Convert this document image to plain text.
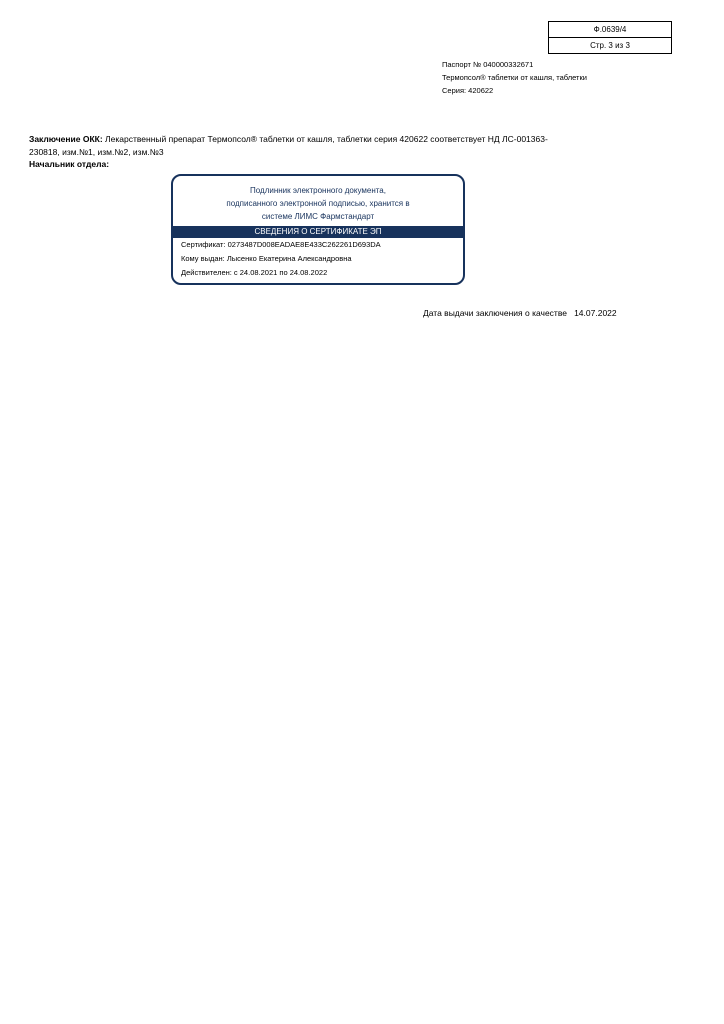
Ф.0639/4
Стр. 3 из 3
Паспорт № 040000332671
Термопсол® таблетки от кашля, таблетки
Серия: 420622
Заключение ОКК: Лекарственный препарат Термопсол® таблетки от кашля, таблетки серия 420622 соответствует НД ЛС-001363-230818, изм.№1, изм.№2, изм.№3
Начальник отдела:
Подлинник электронного документа,
подписанного электронной подписью, хранится в
системе ЛИМС Фармстандарт
СВЕДЕНИЯ О СЕРТИФИКАТЕ ЭП
Сертификат: 0273487D008EADAE8E433C262261D693DA
Кому выдан: Лысенко Екатерина Александровна
Действителен: с 24.08.2021 по 24.08.2022
Дата выдачи заключения о качестве 14.07.2022
